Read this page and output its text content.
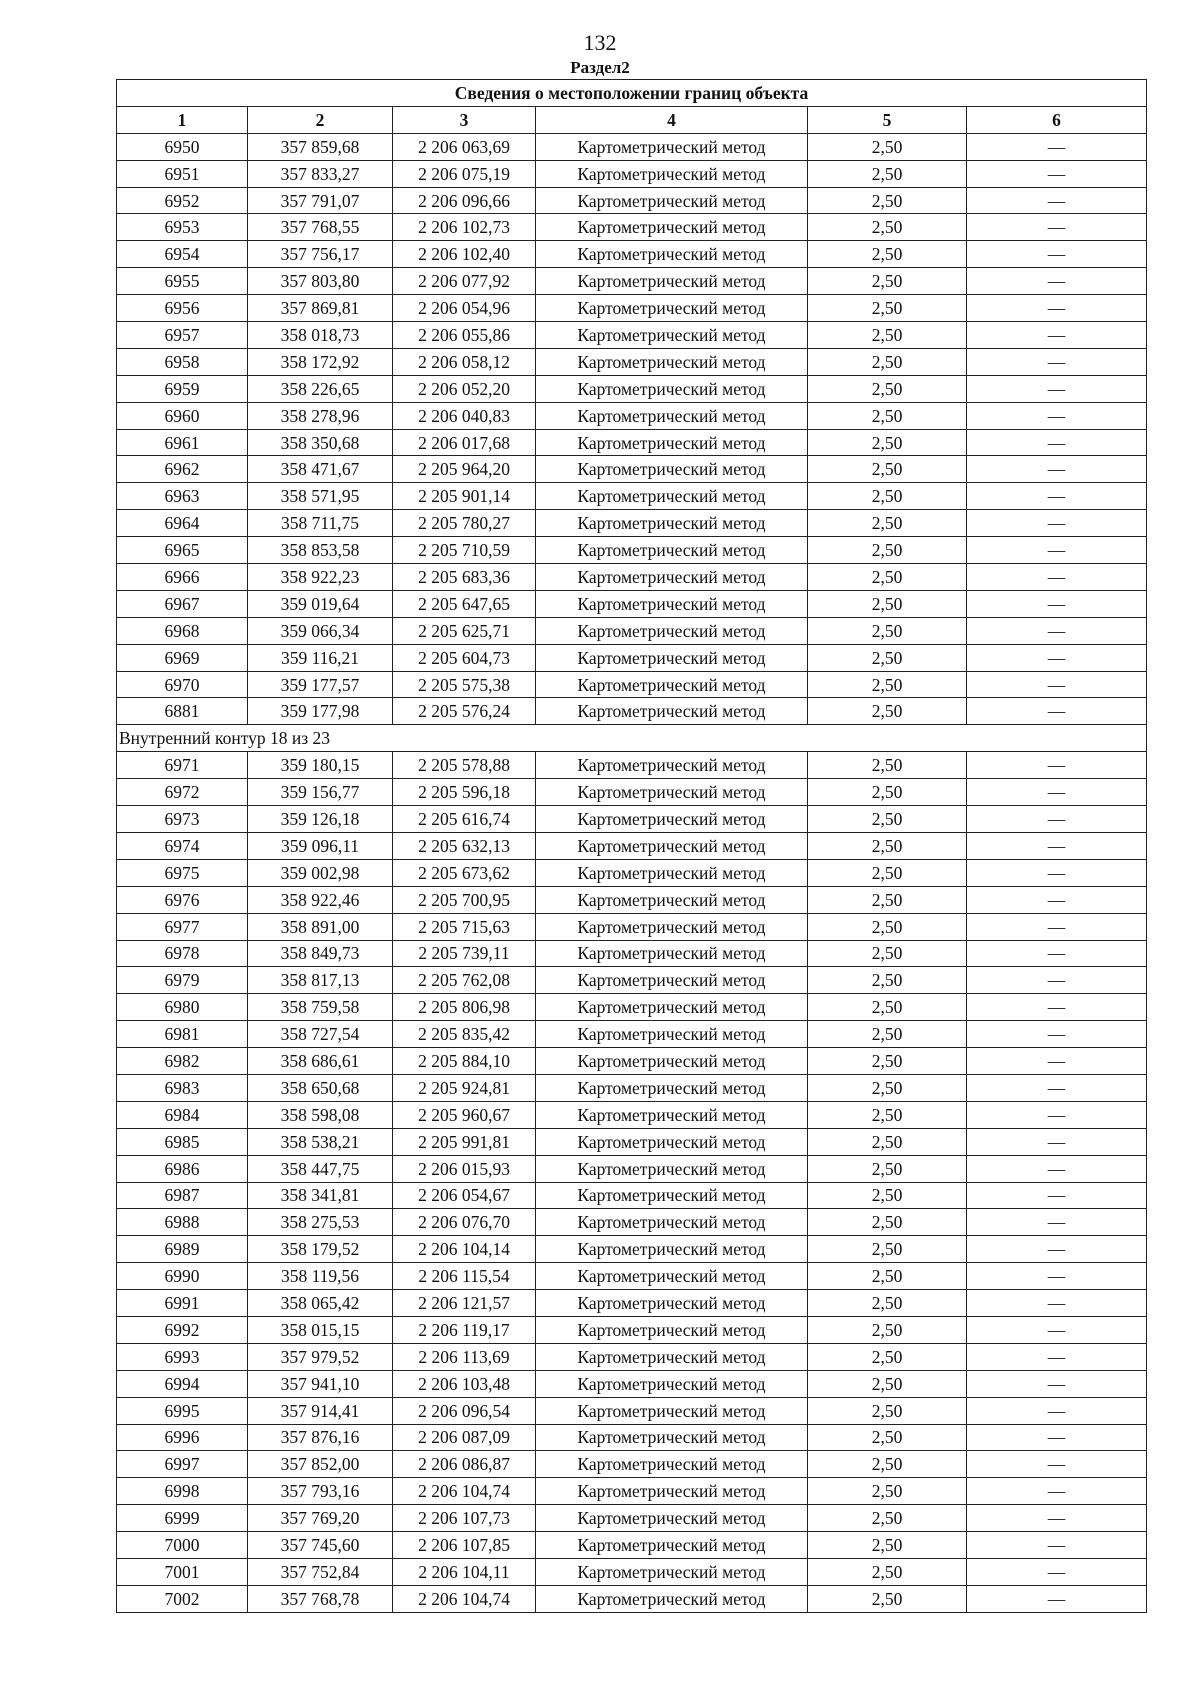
132
Раздел2
Сведения о местоположении границ объекта					
1	2	3	4	5	6
6950	357 859,68	2 206 063,69	Картометрический метод	2,50	—
6951	357 833,27	2 206 075,19	Картометрический метод	2,50	—
6952	357 791,07	2 206 096,66	Картометрический метод	2,50	—
6953	357 768,55	2 206 102,73	Картометрический метод	2,50	—
6954	357 756,17	2 206 102,40	Картометрический метод	2,50	—
6955	357 803,80	2 206 077,92	Картометрический метод	2,50	—
6956	357 869,81	2 206 054,96	Картометрический метод	2,50	—
6957	358 018,73	2 206 055,86	Картометрический метод	2,50	—
6958	358 172,92	2 206 058,12	Картометрический метод	2,50	—
6959	358 226,65	2 206 052,20	Картометрический метод	2,50	—
6960	358 278,96	2 206 040,83	Картометрический метод	2,50	—
6961	358 350,68	2 206 017,68	Картометрический метод	2,50	—
6962	358 471,67	2 205 964,20	Картометрический метод	2,50	—
6963	358 571,95	2 205 901,14	Картометрический метод	2,50	—
6964	358 711,75	2 205 780,27	Картометрический метод	2,50	—
6965	358 853,58	2 205 710,59	Картометрический метод	2,50	—
6966	358 922,23	2 205 683,36	Картометрический метод	2,50	—
6967	359 019,64	2 205 647,65	Картометрический метод	2,50	—
6968	359 066,34	2 205 625,71	Картометрический метод	2,50	—
6969	359 116,21	2 205 604,73	Картометрический метод	2,50	—
6970	359 177,57	2 205 575,38	Картометрический метод	2,50	—
6881	359 177,98	2 205 576,24	Картометрический метод	2,50	—
Внутренний контур 18 из 23					
6971	359 180,15	2 205 578,88	Картометрический метод	2,50	—
6972	359 156,77	2 205 596,18	Картометрический метод	2,50	—
6973	359 126,18	2 205 616,74	Картометрический метод	2,50	—
6974	359 096,11	2 205 632,13	Картометрический метод	2,50	—
6975	359 002,98	2 205 673,62	Картометрический метод	2,50	—
6976	358 922,46	2 205 700,95	Картометрический метод	2,50	—
6977	358 891,00	2 205 715,63	Картометрический метод	2,50	—
6978	358 849,73	2 205 739,11	Картометрический метод	2,50	—
6979	358 817,13	2 205 762,08	Картометрический метод	2,50	—
6980	358 759,58	2 205 806,98	Картометрический метод	2,50	—
6981	358 727,54	2 205 835,42	Картометрический метод	2,50	—
6982	358 686,61	2 205 884,10	Картометрический метод	2,50	—
6983	358 650,68	2 205 924,81	Картометрический метод	2,50	—
6984	358 598,08	2 205 960,67	Картометрический метод	2,50	—
6985	358 538,21	2 205 991,81	Картометрический метод	2,50	—
6986	358 447,75	2 206 015,93	Картометрический метод	2,50	—
6987	358 341,81	2 206 054,67	Картометрический метод	2,50	—
6988	358 275,53	2 206 076,70	Картометрический метод	2,50	—
6989	358 179,52	2 206 104,14	Картометрический метод	2,50	—
6990	358 119,56	2 206 115,54	Картометрический метод	2,50	—
6991	358 065,42	2 206 121,57	Картометрический метод	2,50	—
6992	358 015,15	2 206 119,17	Картометрический метод	2,50	—
6993	357 979,52	2 206 113,69	Картометрический метод	2,50	—
6994	357 941,10	2 206 103,48	Картометрический метод	2,50	—
6995	357 914,41	2 206 096,54	Картометрический метод	2,50	—
6996	357 876,16	2 206 087,09	Картометрический метод	2,50	—
6997	357 852,00	2 206 086,87	Картометрический метод	2,50	—
6998	357 793,16	2 206 104,74	Картометрический метод	2,50	—
6999	357 769,20	2 206 107,73	Картометрический метод	2,50	—
7000	357 745,60	2 206 107,85	Картометрический метод	2,50	—
7001	357 752,84	2 206 104,11	Картометрический метод	2,50	—
7002	357 768,78	2 206 104,74	Картометрический метод	2,50	—
